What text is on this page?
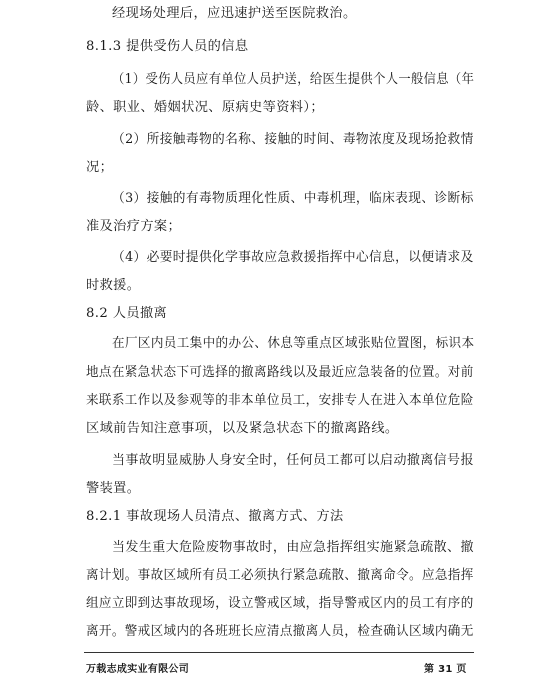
经现场处理后，应迅速护送至医院救治。
8.1.3 提供受伤人员的信息
（1）受伤人员应有单位人员护送，给医生提供个人一般信息（年
龄、职业、婚姻状况、原病史等资料）；
（2）所接触毒物的名称、接触的时间、毒物浓度及现场抢救情
况；
（3）接触的有毒物质理化性质、中毒机理，临床表现、诊断标
准及治疗方案；
（4）必要时提供化学事故应急救援指挥中心信息，以便请求及
时救援。
8.2 人员撤离
在厂区内员工集中的办公、休息等重点区域张贴位置图，标识本
地点在紧急状态下可选择的撤离路线以及最近应急装备的位置。对前
来联系工作以及参观等的非本单位员工，安排专人在进入本单位危险
区域前告知注意事项，以及紧急状态下的撤离路线。
当事故明显威胁人身安全时，任何员工都可以启动撤离信号报
警装置。
8.2.1 事故现场人员清点、撤离方式、方法
当发生重大危险废物事故时，由应急指挥组实施紧急疏散、撤
离计划。事故区域所有员工必须执行紧急疏散、撤离命令。应急指挥
组应立即到达事故现场，设立警戒区域，指导警戒区内的员工有序的
离开。警戒区域内的各班班长应清点撤离人员，检查确认区域内确无
万载志成实业有限公司	第 31 页
